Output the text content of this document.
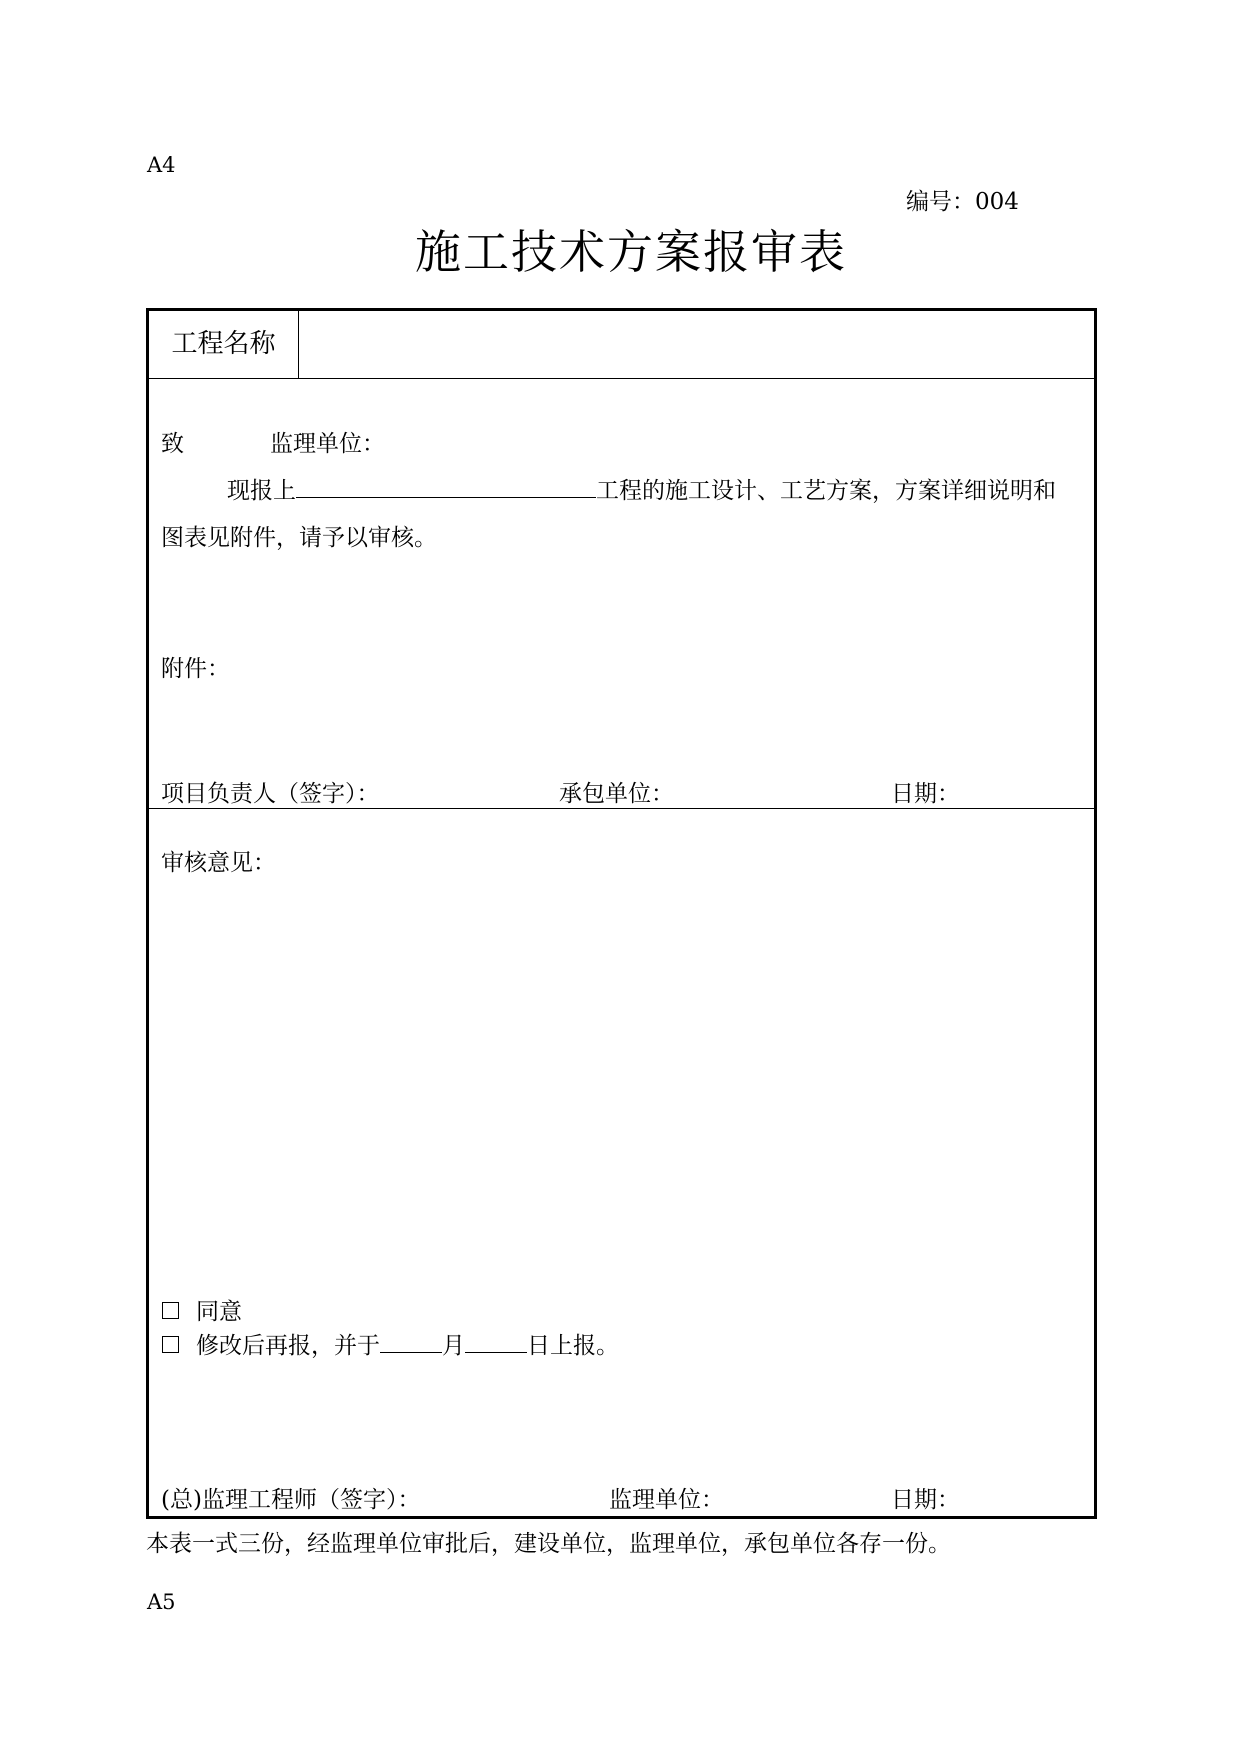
A4
编号：004
施工技术方案报审表
工程名称
致	监理单位：
现报上	工程的施工设计、工艺方案，方案详细说明和
图表见附件，请予以审核。
附件：
项目负责人（签字）：	承包单位：	日期：
审核意见：
同意
修改后再报，并于	月	日上报。
(总)监理工程师（签字）：	监理单位：	日期：
本表一式三份，经监理单位审批后，建设单位，监理单位，承包单位各存一份。
A5
